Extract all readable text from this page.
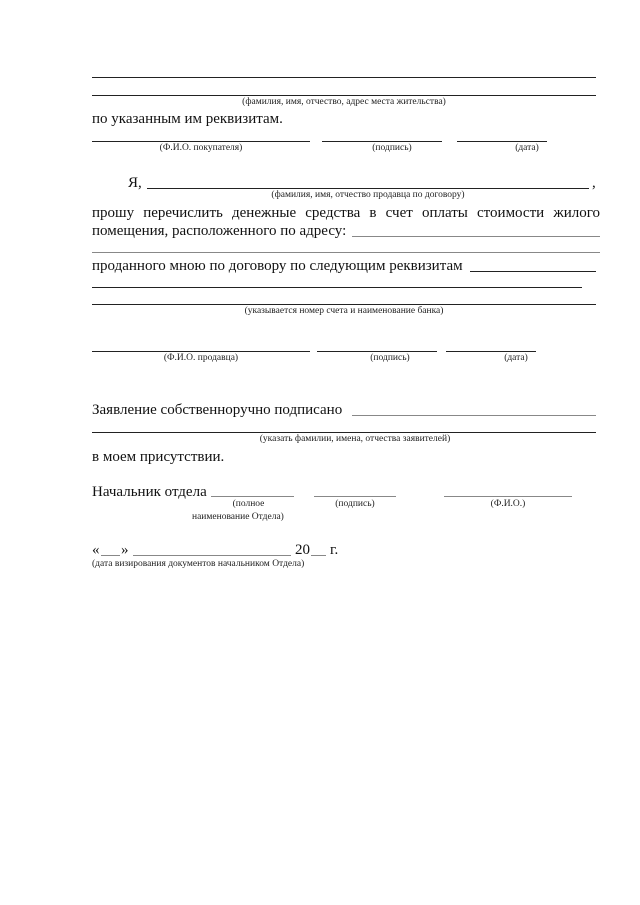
(фамилия, имя, отчество, адрес места жительства)
по указанным им реквизитам.
(Ф.И.О. покупателя)	(подпись)	(дата)
Я,	,
(фамилия, имя, отчество продавца по договору)
прошу перечислить денежные средства в счет оплаты стоимости жилого
помещения, расположенного по адресу:
проданного мною по договору по следующим реквизитам
(указывается номер счета и наименование банка)
(Ф.И.О. продавца)	(подпись)	(дата)
Заявление собственноручно подписано
(указать фамилии, имена, отчества заявителей)
в моем присутствии.
Начальник отдела
(полное
наименование Отдела)
(подпись)	(Ф.И.О.)
« »	20 г.
(дата визирования документов начальником Отдела)
